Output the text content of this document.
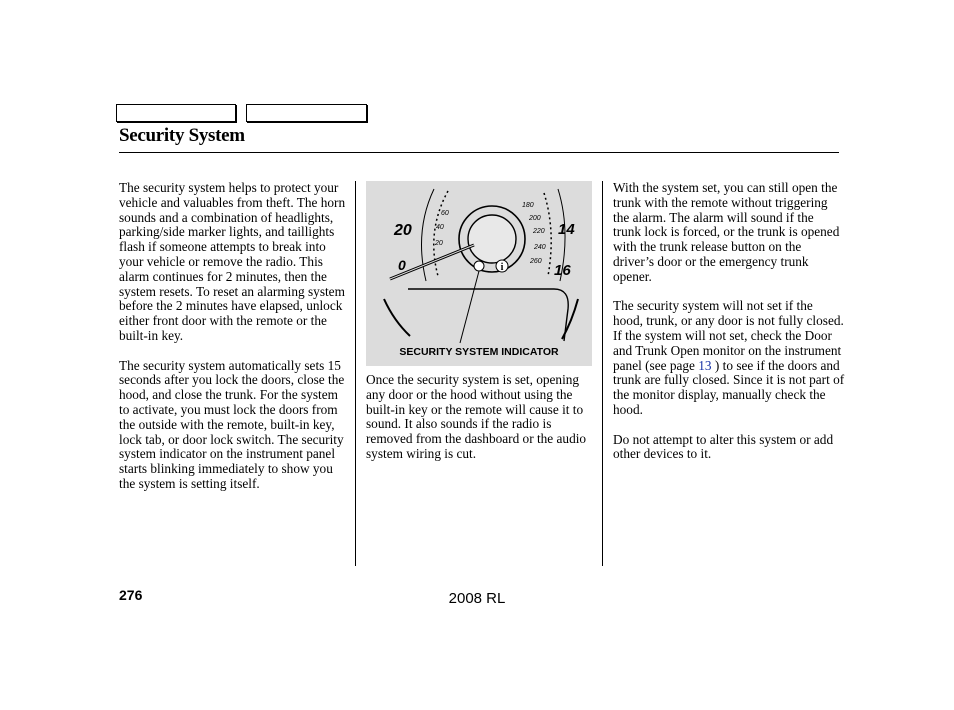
Security System

The security system helps to protect your vehicle and valuables from theft. The horn sounds and a combination of headlights, parking/side marker lights, and taillights flash if someone attempts to break into your vehicle or remove the radio. This alarm continues for 2 minutes, then the system resets. To reset an alarming system before the 2 minutes have elapsed, unlock either front door with the remote or the built-in key.

The security system automatically sets 15 seconds after you lock the doors, close the hood, and close the trunk. For the system to activate, you must lock the doors from the outside with the remote, built-in key, lock tab, or door lock switch. The security system indicator on the instrument panel starts blinking immediately to show you the system is setting itself.

i
20
0
60
40
20
180
200
220
240
260
14
16
SECURITY SYSTEM INDICATOR

Once the security system is set, opening any door or the hood without using the built-in key or the remote will cause it to sound. It also sounds if the radio is removed from the dashboard or the audio system wiring is cut.

With the system set, you can still open the trunk with the remote without triggering the alarm. The alarm will sound if the trunk lock is forced, or the trunk is opened with the trunk release button on the driver’s door or the emergency trunk opener.

The security system will not set if the hood, trunk, or any door is not fully closed. If the system will not set, check the Door and Trunk Open monitor on the instrument panel (see page 13 ) to see if the doors and trunk are fully closed. Since it is not part of the monitor display, manually check the hood.

Do not attempt to alter this system or add other devices to it.

276	2008 RL
